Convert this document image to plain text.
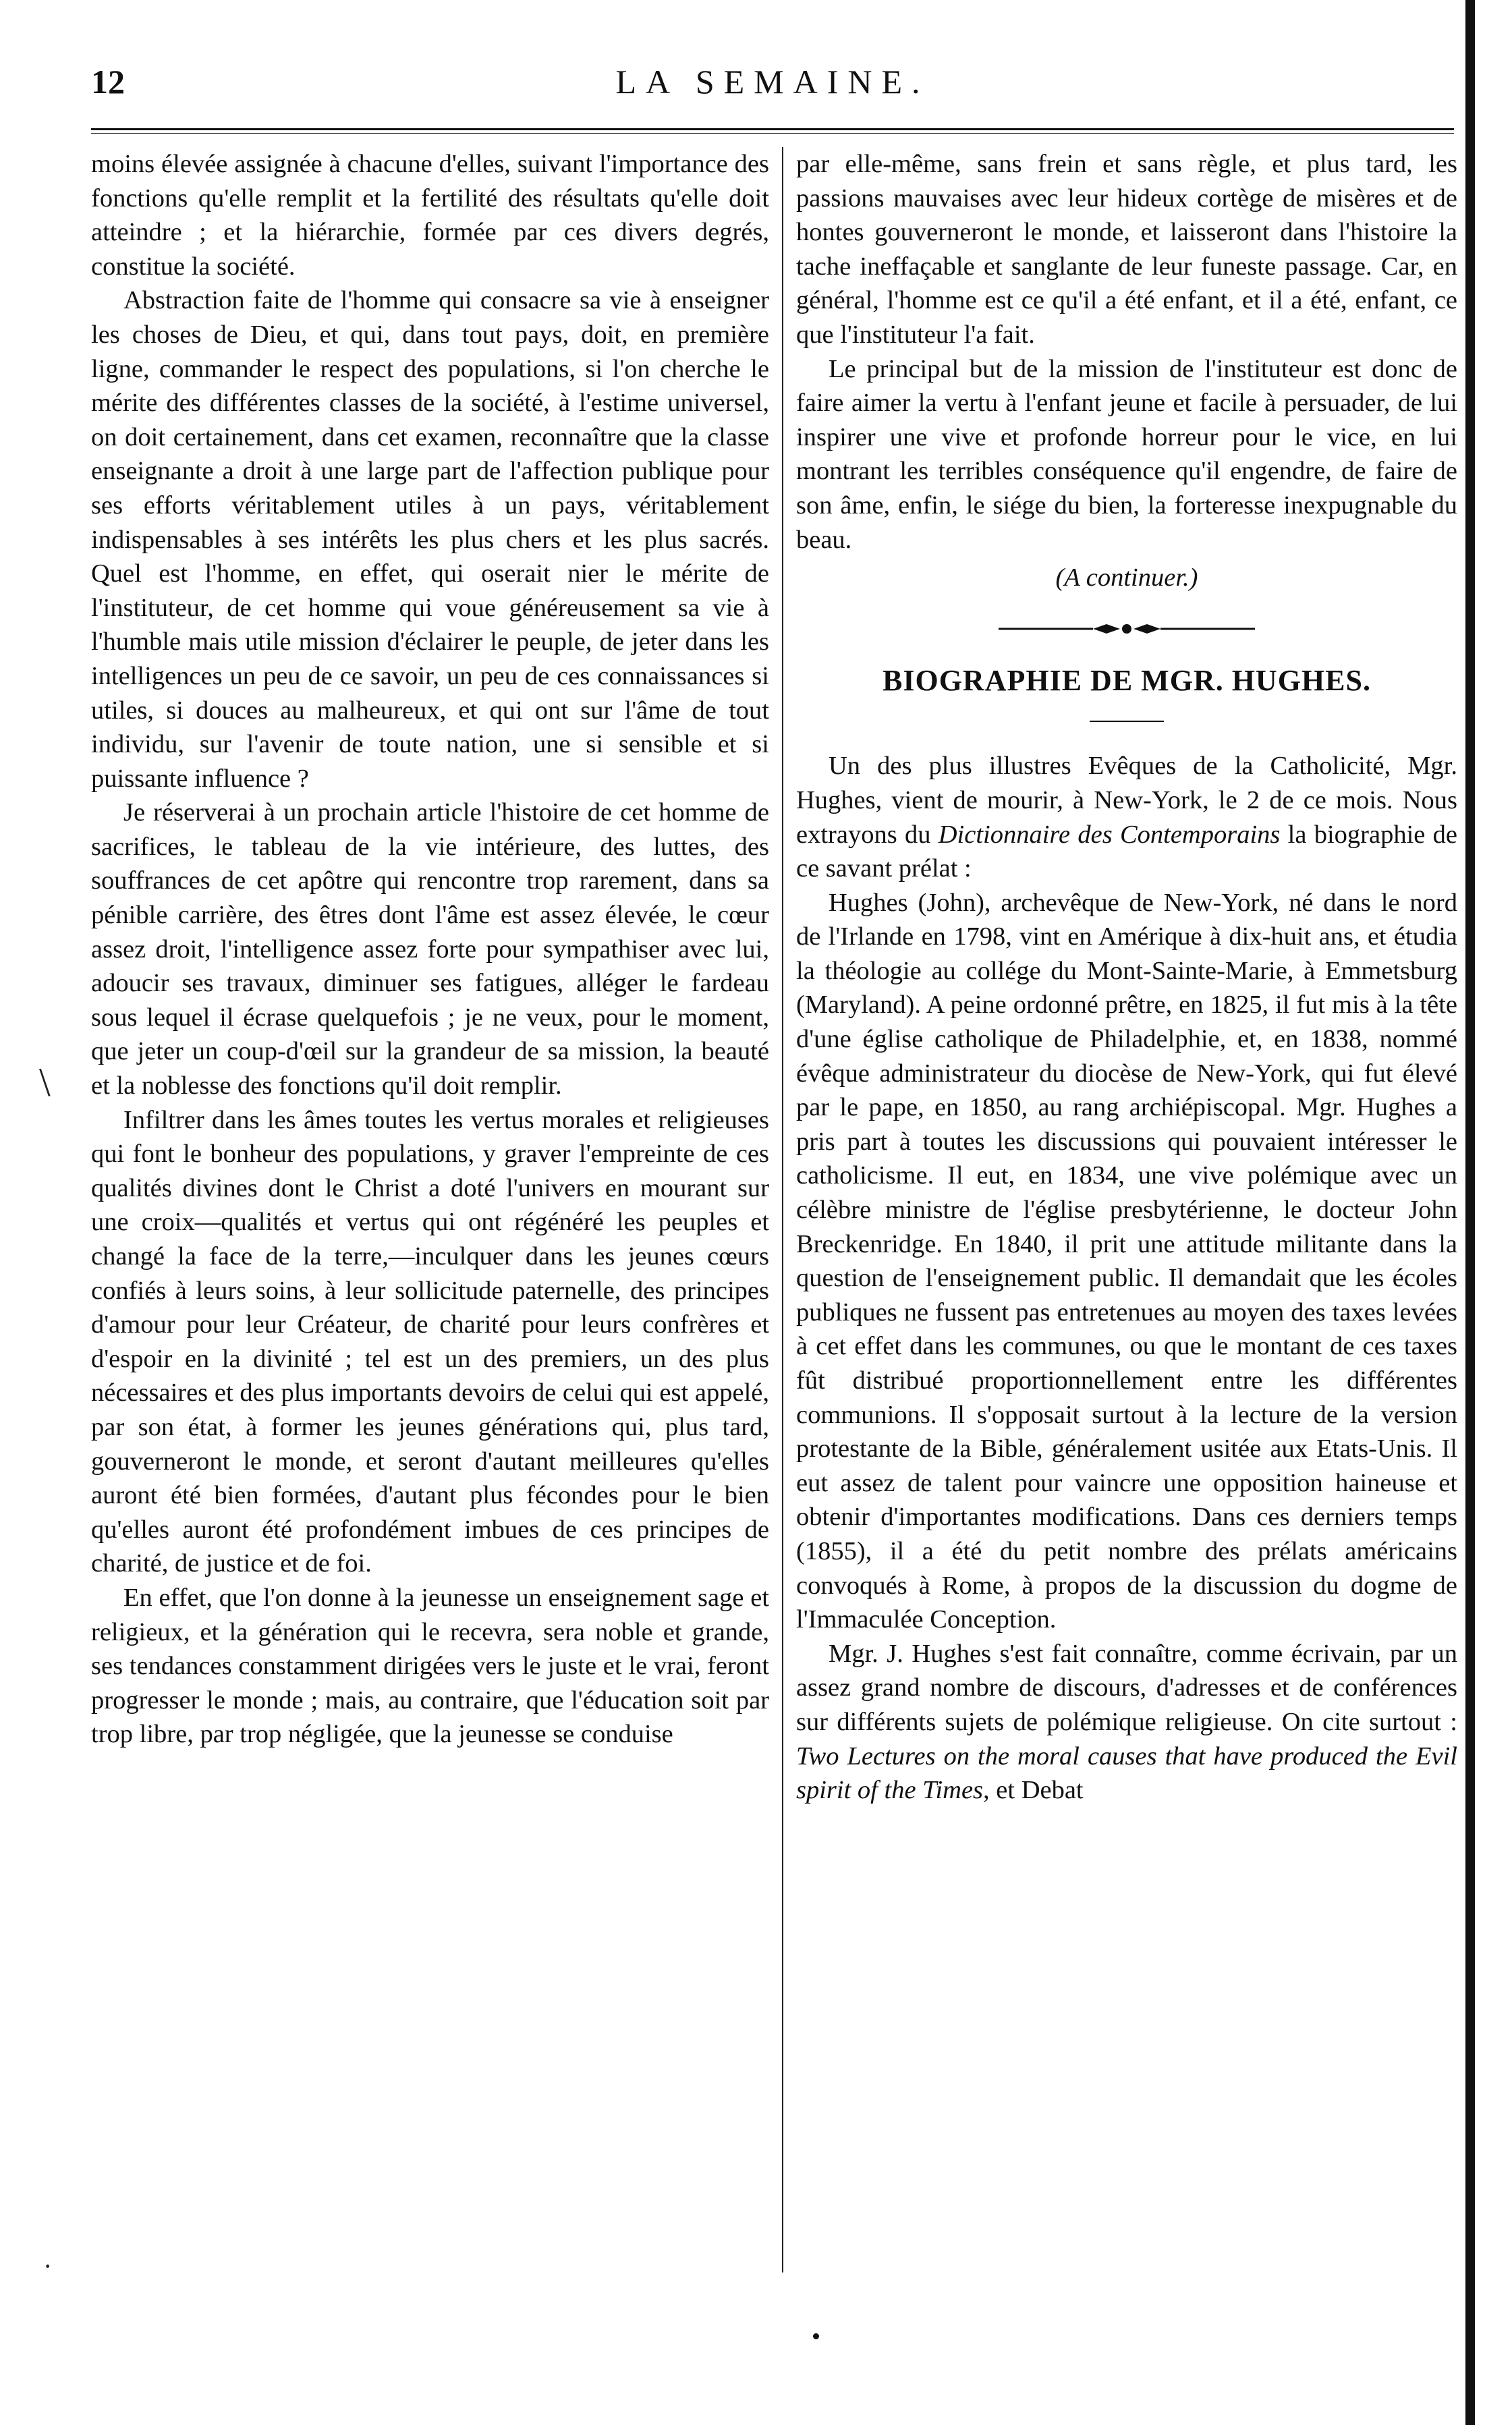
12	LA SEMAINE.
\
·

moins élevée assignée à chacune d'elles, suivant l'importance des fonctions qu'elle remplit et la fertilité des résultats qu'elle doit atteindre ; et la hiérarchie, formée par ces divers degrés, constitue la société.

Abstraction faite de l'homme qui consacre sa vie à enseigner les choses de Dieu, et qui, dans tout pays, doit, en première ligne, commander le respect des populations, si l'on cherche le mérite des différentes classes de la société, à l'estime universel, on doit certainement, dans cet examen, reconnaître que la classe enseignante a droit à une large part de l'affection publique pour ses efforts véritablement utiles à un pays, véritablement indispensables à ses intérêts les plus chers et les plus sacrés. Quel est l'homme, en effet, qui oserait nier le mérite de l'instituteur, de cet homme qui voue généreusement sa vie à l'humble mais utile mission d'éclairer le peuple, de jeter dans les intelligences un peu de ce savoir, un peu de ces connaissances si utiles, si douces au malheureux, et qui ont sur l'âme de tout individu, sur l'avenir de toute nation, une si sensible et si puissante influence ?

Je réserverai à un prochain article l'histoire de cet homme de sacrifices, le tableau de la vie intérieure, des luttes, des souffrances de cet apôtre qui rencontre trop rarement, dans sa pénible carrière, des êtres dont l'âme est assez élevée, le cœur assez droit, l'intelligence assez forte pour sympathiser avec lui, adoucir ses travaux, diminuer ses fatigues, alléger le fardeau sous lequel il écrase quelquefois ; je ne veux, pour le moment, que jeter un coup-d'œil sur la grandeur de sa mission, la beauté et la noblesse des fonctions qu'il doit remplir.

Infiltrer dans les âmes toutes les vertus morales et religieuses qui font le bonheur des populations, y graver l'empreinte de ces qualités divines dont le Christ a doté l'univers en mourant sur une croix—qualités et vertus qui ont régénéré les peuples et changé la face de la terre,—inculquer dans les jeunes cœurs confiés à leurs soins, à leur sollicitude paternelle, des principes d'amour pour leur Créateur, de charité pour leurs confrères et d'espoir en la divinité ; tel est un des premiers, un des plus nécessaires et des plus importants devoirs de celui qui est appelé, par son état, à former les jeunes générations qui, plus tard, gouverneront le monde, et seront d'autant meilleures qu'elles auront été bien formées, d'autant plus fécondes pour le bien qu'elles auront été profondément imbues de ces principes de charité, de justice et de foi.

En effet, que l'on donne à la jeunesse un enseignement sage et religieux, et la génération qui le recevra, sera noble et grande, ses tendances constamment dirigées vers le juste et le vrai, feront progresser le monde ; mais, au contraire, que l'éducation soit par trop libre, par trop négligée, que la jeunesse se conduise

par elle-même, sans frein et sans règle, et plus tard, les passions mauvaises avec leur hideux cortège de misères et de hontes gouverneront le monde, et laisseront dans l'histoire la tache ineffaçable et sanglante de leur funeste passage. Car, en général, l'homme est ce qu'il a été enfant, et il a été, enfant, ce que l'instituteur l'a fait.

Le principal but de la mission de l'instituteur est donc de faire aimer la vertu à l'enfant jeune et facile à persuader, de lui inspirer une vive et profonde horreur pour le vice, en lui montrant les terribles conséquence qu'il engendre, de faire de son âme, enfin, le siége du bien, la forteresse inexpugnable du beau.

(A continuer.)

BIOGRAPHIE DE MGR. HUGHES.

Un des plus illustres Evêques de la Catholicité, Mgr. Hughes, vient de mourir, à New-York, le 2 de ce mois. Nous extrayons du Dictionnaire des Contemporains la biographie de ce savant prélat :

Hughes (John), archevêque de New-York, né dans le nord de l'Irlande en 1798, vint en Amérique à dix-huit ans, et étudia la théologie au collége du Mont-Sainte-Marie, à Emmetsburg (Maryland). A peine ordonné prêtre, en 1825, il fut mis à la tête d'une église catholique de Philadelphie, et, en 1838, nommé évêque administrateur du diocèse de New-York, qui fut élevé par le pape, en 1850, au rang archiépiscopal. Mgr. Hughes a pris part à toutes les discussions qui pouvaient intéresser le catholicisme. Il eut, en 1834, une vive polémique avec un célèbre ministre de l'église presbytérienne, le docteur John Breckenridge. En 1840, il prit une attitude militante dans la question de l'enseignement public. Il demandait que les écoles publiques ne fussent pas entretenues au moyen des taxes levées à cet effet dans les communes, ou que le montant de ces taxes fût distribué proportionnellement entre les différentes communions. Il s'opposait surtout à la lecture de la version protestante de la Bible, généralement usitée aux Etats-Unis. Il eut assez de talent pour vaincre une opposition haineuse et obtenir d'importantes modifications. Dans ces derniers temps (1855), il a été du petit nombre des prélats américains convoqués à Rome, à propos de la discussion du dogme de l'Immaculée Conception.

Mgr. J. Hughes s'est fait connaître, comme écrivain, par un assez grand nombre de discours, d'adresses et de conférences sur différents sujets de polémique religieuse. On cite surtout : Two Lectures on the moral causes that have produced the Evil spirit of the Times, et Debat
